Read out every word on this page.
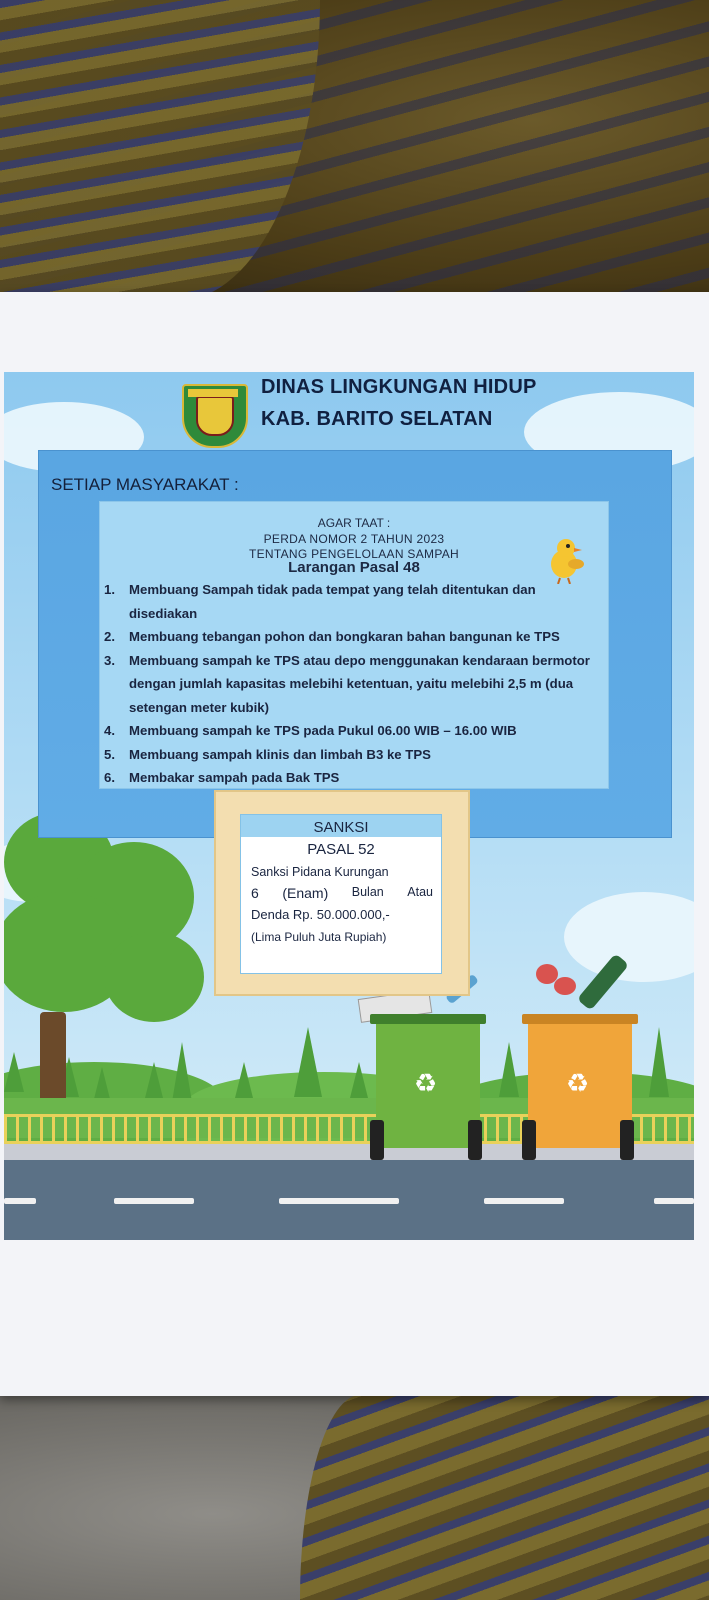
DINAS LINGKUNGAN HIDUP
KAB. BARITO SELATAN
♻	♻
SETIAP MASYARAKAT :
AGAR TAAT :
PERDA NOMOR 2 TAHUN 2023
TENTANG PENGELOLAAN SAMPAH
Larangan Pasal 48
1. Membuang Sampah tidak pada tempat yang telah ditentukan dan disediakan
2. Membuang tebangan pohon dan bongkaran bahan bangunan ke TPS
3. Membuang sampah ke TPS atau depo menggunakan kendaraan bermotor dengan jumlah kapasitas melebihi ketentuan, yaitu melebihi 2,5 m (dua setengan meter kubik)
4. Membuang sampah ke TPS pada Pukul 06.00 WIB – 16.00 WIB
5. Membuang sampah klinis dan limbah B3 ke TPS
6. Membakar sampah pada Bak TPS
SANKSI
PASAL 52
Sanksi Pidana Kurungan
6 (Enam) Bulan Atau
Denda Rp. 50.000.000,-
(Lima Puluh Juta Rupiah)
